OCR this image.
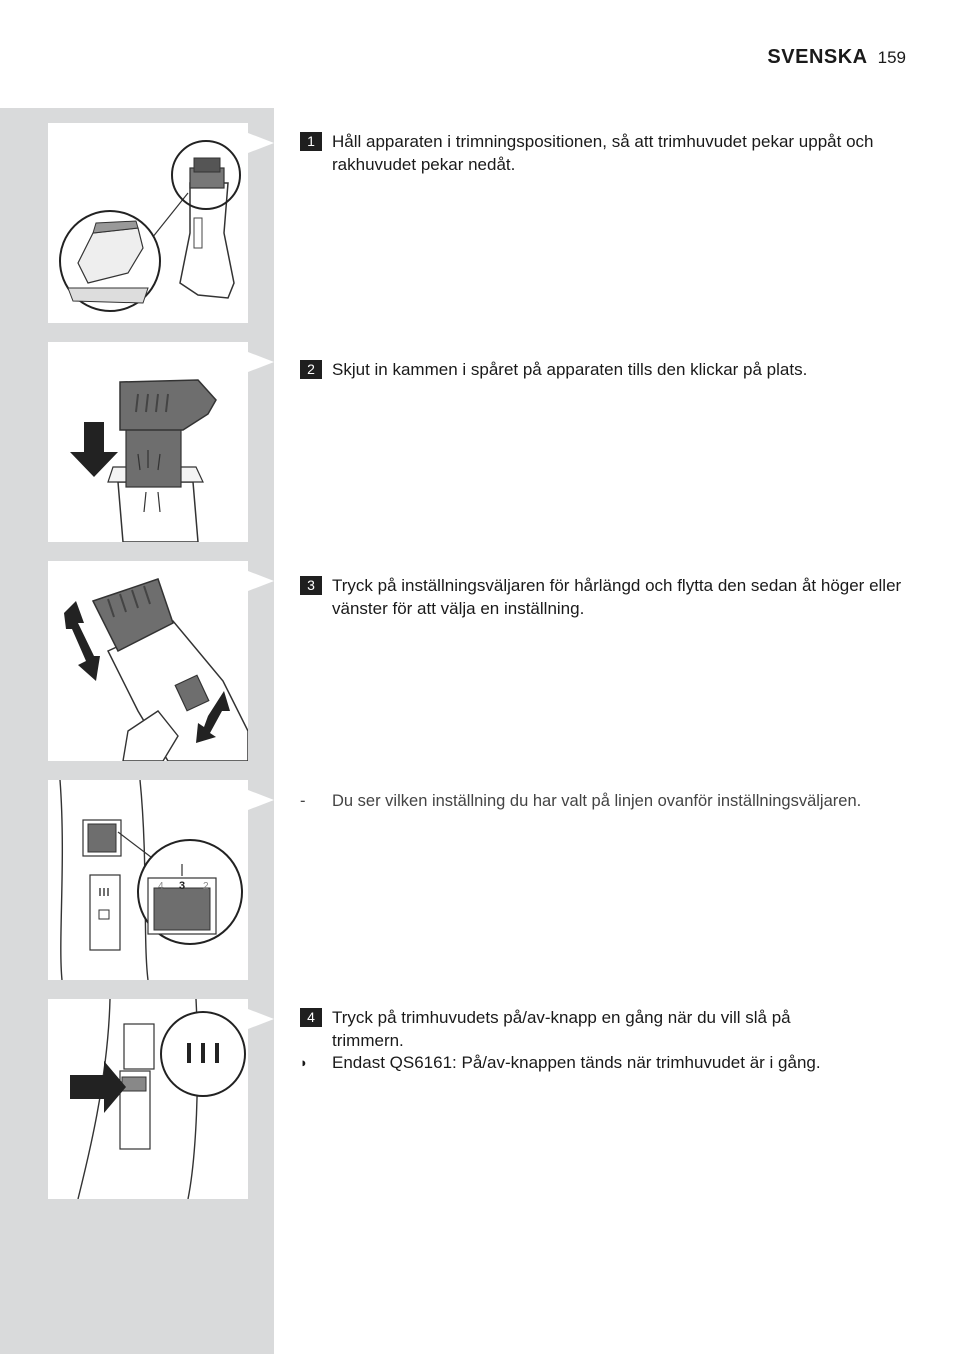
SVENSKA 159
4 3 2
1	Håll apparaten i trimningspositionen, så att trimhuvudet pekar uppåt och rakhuvudet pekar nedåt.
2	Skjut in kammen i spåret på apparaten tills den klickar på plats.
3	Tryck på inställningsväljaren för hårlängd och flytta den sedan åt höger eller vänster för att välja en inställning.
-	Du ser vilken inställning du har valt på linjen ovanför inställningsväljaren.
4	Tryck på trimhuvudets på/av-knapp en gång när du vill slå på trimmern.
◗	Endast QS6161: På/av-knappen tänds när trimhuvudet är i gång.
